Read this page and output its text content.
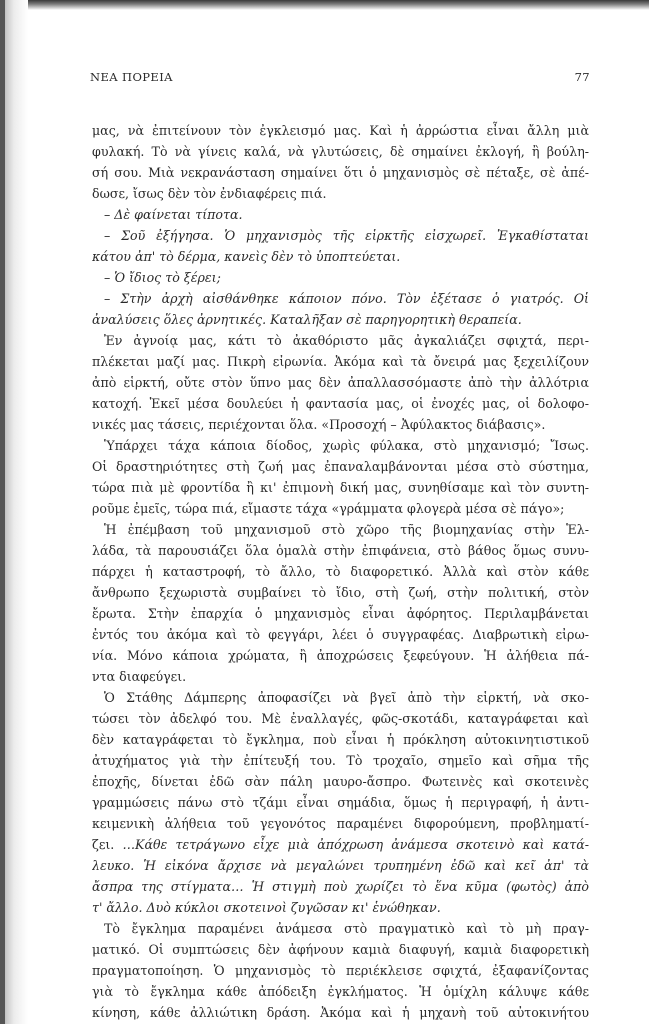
ΝΕΑ ΠΟΡΕΙΑ	77
μας, νὰ ἐπιτείνουν τὸν ἐγκλεισμό μας. Καὶ ἡ ἀρρώστια εἶναι ἄλλη μιὰ
φυλακή. Τὸ νὰ γίνεις καλά, νὰ γλυτώσεις, δὲ σημαίνει ἐκλογή, ἢ βούλη-
σή σου. Μιὰ νεκρανάσταση σημαίνει ὅτι ὁ μηχανισμὸς σὲ πέταξε, σὲ ἀπέ-
δωσε, ἴσως δὲν τὸν ἐνδιαφέρεις πιά.
– Δὲ φαίνεται τίποτα.
– Σοῦ ἐξήγησα. Ὁ μηχανισμὸς τῆς εἱρκτῆς εἰσχωρεῖ. Ἐγκαθίσταται
κάτου ἀπ' τὸ δέρμα, κανεὶς δὲν τὸ ὑποπτεύεται.
– Ὁ ἴδιος τὸ ξέρει;
– Στὴν ἀρχὴ αἰσθάνθηκε κάποιον πόνο. Τὸν ἐξέτασε ὁ γιατρός. Οἱ
ἀναλύσεις ὅλες ἀρνητικές. Καταλῆξαν σὲ παρηγορητικὴ θεραπεία.
Ἐν ἀγνοίᾳ μας, κάτι τὸ ἀκαθόριστο μᾶς ἀγκαλιάζει σφιχτά, περι-
πλέκεται μαζί μας. Πικρὴ εἰρωνία. Ἀκόμα καὶ τὰ ὄνειρά μας ξεχειλίζουν
ἀπὸ εἱρκτή, οὔτε στὸν ὕπνο μας δὲν ἀπαλλασσόμαστε ἀπὸ τὴν ἀλλότρια
κατοχή. Ἐκεῖ μέσα δουλεύει ἡ φαντασία μας, οἱ ἐνοχές μας, οἱ δολοφο-
νικές μας τάσεις, περιέχονται ὅλα. «Προσοχή – Ἀφύλακτος διάβασις».
Ὑπάρχει τάχα κάποια δίοδος, χωρὶς φύλακα, στὸ μηχανισμό; Ἴσως.
Οἱ δραστηριότητες στὴ ζωή μας ἐπαναλαμβάνονται μέσα στὸ σύστημα,
τώρα πιὰ μὲ φροντίδα ἢ κι' ἐπιμονὴ δική μας, συνηθίσαμε καὶ τὸν συντη-
ροῦμε ἐμεῖς, τώρα πιά, εἴμαστε τάχα «γράμματα φλογερὰ μέσα σὲ πάγο»;
Ἡ ἐπέμβαση τοῦ μηχανισμοῦ στὸ χῶρο τῆς βιομηχανίας στὴν Ἑλ-
λάδα, τὰ παρουσιάζει ὅλα ὁμαλὰ στὴν ἐπιφάνεια, στὸ βάθος ὅμως συνυ-
πάρχει ἡ καταστροφή, τὸ ἄλλο, τὸ διαφορετικό. Ἀλλὰ καὶ στὸν κάθε
ἄνθρωπο ξεχωριστὰ συμβαίνει τὸ ἴδιο, στὴ ζωή, στὴν πολιτική, στὸν
ἔρωτα. Στὴν ἐπαρχία ὁ μηχανισμὸς εἶναι ἀφόρητος. Περιλαμβάνεται
ἐντός του ἀκόμα καὶ τὸ φεγγάρι, λέει ὁ συγγραφέας. Διαβρωτικὴ εἰρω-
νία. Μόνο κάποια χρώματα, ἢ ἀποχρώσεις ξεφεύγουν. Ἡ ἀλήθεια πά-
ντα διαφεύγει.
Ὁ Στάθης Δάμπερης ἀποφασίζει νὰ βγεῖ ἀπὸ τὴν εἱρκτή, νὰ σκο-
τώσει τὸν ἀδελφό του. Μὲ ἐναλλαγές, φῶς-σκοτάδι, καταγράφεται καὶ
δὲν καταγράφεται τὸ ἔγκλημα, ποὺ εἶναι ἡ πρόκληση αὐτοκινητιστικοῦ
ἀτυχήματος γιὰ τὴν ἐπίτευξή του. Τὸ τροχαῖο, σημεῖο καὶ σῆμα τῆς
ἐποχῆς, δίνεται ἐδῶ σὰν πάλη μαυρο-ἄσπρο. Φωτεινὲς καὶ σκοτεινὲς
γραμμώσεις πάνω στὸ τζάμι εἶναι σημάδια, ὅμως ἡ περιγραφή, ἡ ἀντι-
κειμενικὴ ἀλήθεια τοῦ γεγονότος παραμένει διφορούμενη, προβληματί-
ζει. …Κάθε τετράγωνο εἶχε μιὰ ἀπόχρωση ἀνάμεσα σκοτεινὸ καὶ κατά-
λευκο. Ἡ εἰκόνα ἄρχισε νὰ μεγαλώνει τρυπημένη ἐδῶ καὶ κεῖ ἀπ' τὰ
ἄσπρα της στίγματα… Ἡ στιγμὴ ποὺ χωρίζει τὸ ἕνα κῦμα (φωτὸς) ἀπὸ
τ' ἄλλο. Δυὸ κύκλοι σκοτεινοὶ ζυγῶσαν κι' ἑνώθηκαν.
Τὸ ἔγκλημα παραμένει ἀνάμεσα στὸ πραγματικὸ καὶ τὸ μὴ πραγ-
ματικό. Οἱ συμπτώσεις δὲν ἀφήνουν καμιὰ διαφυγή, καμιὰ διαφορετικὴ
πραγματοποίηση. Ὁ μηχανισμὸς τὸ περιέκλεισε σφιχτά, ἐξαφανίζοντας
γιὰ τὸ ἔγκλημα κάθε ἀπόδειξη ἐγκλήματος. Ἡ ὁμίχλη κάλυψε κάθε
κίνηση, κάθε ἀλλιώτικη δράση. Ἀκόμα καὶ ἡ μηχανὴ τοῦ αὐτοκινήτου
